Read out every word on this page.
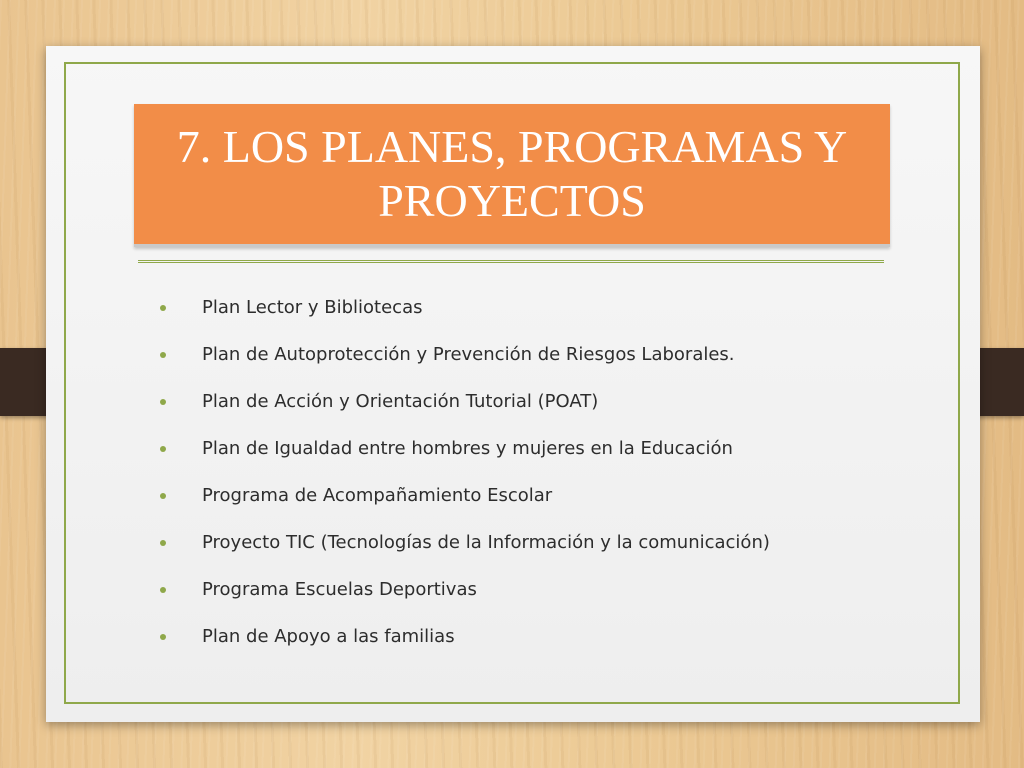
7. LOS PLANES, PROGRAMAS Y PROYECTOS
Plan Lector y Bibliotecas
Plan de Autoprotección y Prevención de Riesgos Laborales.
Plan de Acción y Orientación Tutorial (POAT)
Plan de Igualdad entre hombres y mujeres en la Educación
Programa de Acompañamiento Escolar
Proyecto TIC (Tecnologías de la Información y la comunicación)
Programa Escuelas Deportivas
Plan de Apoyo a las familias
